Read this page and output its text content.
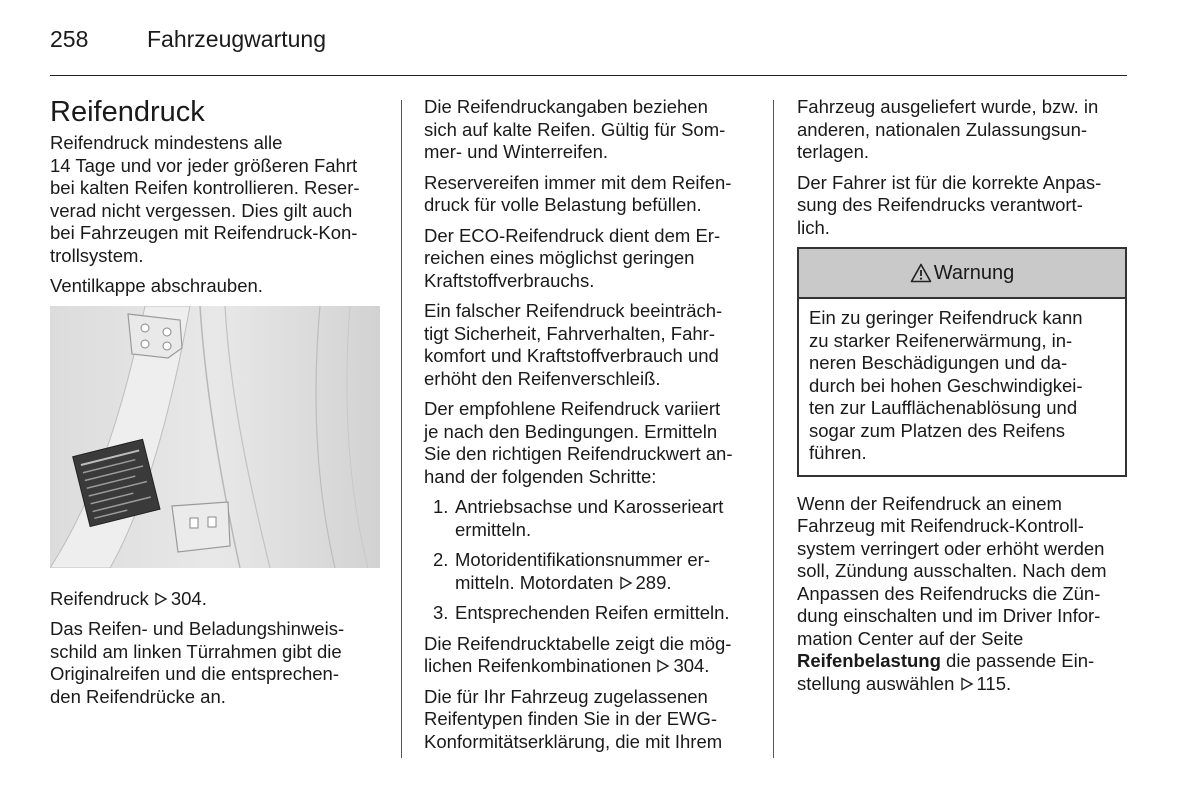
258	Fahrzeugwartung
Reifendruck

Reifendruck mindestens alle
14 Tage und vor jeder größeren Fahrt
bei kalten Reifen kontrollieren. Reser-
verad nicht vergessen. Dies gilt auch
bei Fahrzeugen mit Reifendruck-Kon-
trollsystem.

Ventilkappe abschrauben.

Reifendruck 304.

Das Reifen- und Beladungshinweis-
schild am linken Türrahmen gibt die
Originalreifen und die entsprechen-
den Reifendrücke an.

Die Reifendruckangaben beziehen
sich auf kalte Reifen. Gültig für Som-
mer- und Winterreifen.

Reservereifen immer mit dem Reifen-
druck für volle Belastung befüllen.

Der ECO-Reifendruck dient dem Er-
reichen eines möglichst geringen
Kraftstoffverbrauchs.

Ein falscher Reifendruck beeinträch-
tigt Sicherheit, Fahrverhalten, Fahr-
komfort und Kraftstoffverbrauch und
erhöht den Reifenverschleiß.

Der empfohlene Reifendruck variiert
je nach den Bedingungen. Ermitteln
Sie den richtigen Reifendruckwert an-
hand der folgenden Schritte:

1. Antriebsachse und Karosserieart
ermitteln.
2. Motoridentifikationsnummer er-
mitteln. Motordaten 289.
3. Entsprechenden Reifen ermitteln.

Die Reifendrucktabelle zeigt die mög-
lichen Reifenkombinationen 304.

Die für Ihr Fahrzeug zugelassenen
Reifentypen finden Sie in der EWG-
Konformitätserklärung, die mit Ihrem

Fahrzeug ausgeliefert wurde, bzw. in
anderen, nationalen Zulassungsun-
terlagen.

Der Fahrer ist für die korrekte Anpas-
sung des Reifendrucks verantwort-
lich.

Warnung

Ein zu geringer Reifendruck kann

zu starker Reifenerwärmung, in-

neren Beschädigungen und da-

durch bei hohen Geschwindigkei-

ten zur Laufflächenablösung und

sogar zum Platzen des Reifens

führen.

Wenn der Reifendruck an einem
Fahrzeug mit Reifendruck-Kontroll-
system verringert oder erhöht werden
soll, Zündung ausschalten. Nach dem
Anpassen des Reifendrucks die Zün-
dung einschalten und im Driver Infor-
mation Center auf der Seite
Reifenbelastung die passende Ein-
stellung auswählen 115.
